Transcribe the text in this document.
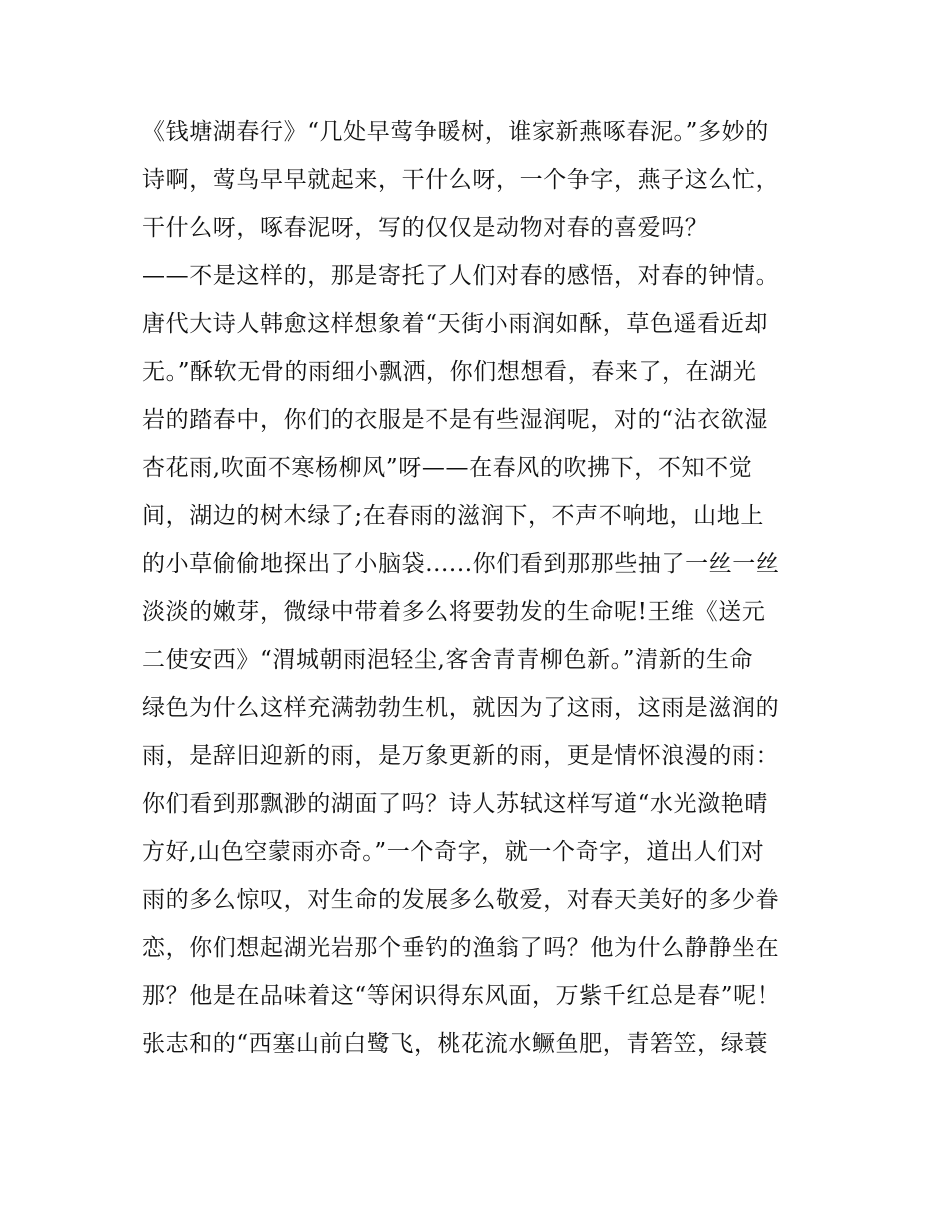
《钱塘湖春行》“几处早莺争暖树，谁家新燕啄春泥。”多妙的
诗啊，莺鸟早早就起来，干什么呀，一个争字，燕子这么忙，
干什么呀，啄春泥呀，写的仅仅是动物对春的喜爱吗？
——不是这样的，那是寄托了人们对春的感悟，对春的钟情。
唐代大诗人韩愈这样想象着“天街小雨润如酥，草色遥看近却
无。”酥软无骨的雨细小飘洒，你们想想看，春来了，在湖光
岩的踏春中，你们的衣服是不是有些湿润呢，对的“沾衣欲湿
杏花雨,吹面不寒杨柳风”呀——在春风的吹拂下，不知不觉
间，湖边的树木绿了;在春雨的滋润下，不声不响地，山地上
的小草偷偷地探出了小脑袋......你们看到那那些抽了一丝一丝
淡淡的嫩芽，微绿中带着多么将要勃发的生命呢!王维《送元
二使安西》“渭城朝雨浥轻尘,客舍青青柳色新。”清新的生命
绿色为什么这样充满勃勃生机，就因为了这雨，这雨是滋润的
雨，是辞旧迎新的雨，是万象更新的雨，更是情怀浪漫的雨：
你们看到那飘渺的湖面了吗？诗人苏轼这样写道“水光潋艳晴
方好,山色空蒙雨亦奇。”一个奇字，就一个奇字，道出人们对
雨的多么惊叹，对生命的发展多么敬爱，对春天美好的多少眷
恋，你们想起湖光岩那个垂钓的渔翁了吗？他为什么静静坐在
那？他是在品味着这“等闲识得东风面，万紫千红总是春”呢！
张志和的“西塞山前白鹭飞，桃花流水鳜鱼肥，青箬笠，绿蓑
